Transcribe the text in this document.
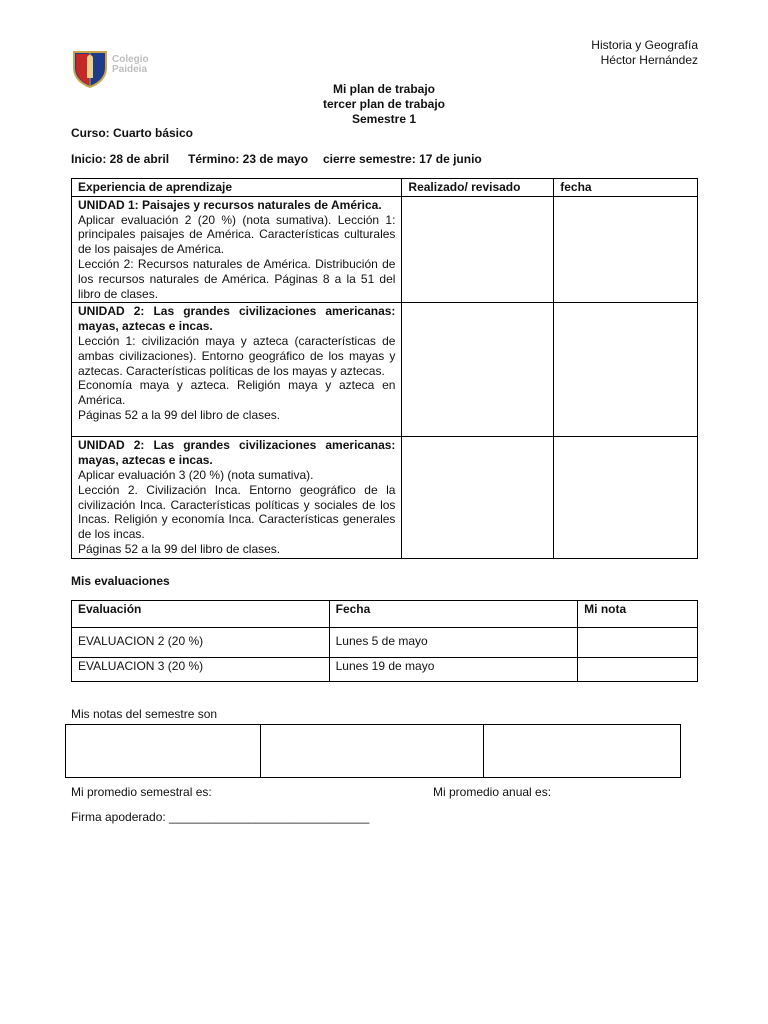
Colegio
Paideia
Historia y Geografía
Héctor Hernández
Mi plan de trabajo
tercer plan de trabajo
Semestre 1
Curso: Cuarto básico
Inicio: 28 de abril Término: 23 de mayo cierre semestre: 17 de junio
Experiencia de aprendizaje	Realizado/ revisado	fecha

UNIDAD 1: Paisajes y recursos naturales de América.
Aplicar evaluación 2 (20 %) (nota sumativa). Lección 1: principales paisajes de América. Características culturales de los paisajes de América.
Lección 2: Recursos naturales de América. Distribución de los recursos naturales de América. Páginas 8 a la 51 del libro de clases.		

UNIDAD 2: Las grandes civilizaciones americanas: mayas, aztecas e incas.
Lección 1: civilización maya y azteca (características de ambas civilizaciones). Entorno geográfico de los mayas y aztecas. Características políticas de los mayas y aztecas.
Economía maya y azteca. Religión maya y azteca en América.
Páginas 52 a la 99 del libro de clases.		

UNIDAD 2: Las grandes civilizaciones americanas: mayas, aztecas e incas.
Aplicar evaluación 3 (20 %) (nota sumativa).
Lección 2. Civilización Inca. Entorno geográfico de la civilización Inca. Características políticas y sociales de los Incas. Religión y economía Inca. Características generales de los incas.
Páginas 52 a la 99 del libro de clases.		

Mis evaluaciones
Evaluación	Fecha	Mi nota
EVALUACION 2 (20 %)	Lunes 5 de mayo	
EVALUACION 3 (20 %)	Lunes 19 de mayo	
Mis notas del semestre son

Mi promedio semestral es:	Mi promedio anual es:
Firma apoderado: ______________________________
